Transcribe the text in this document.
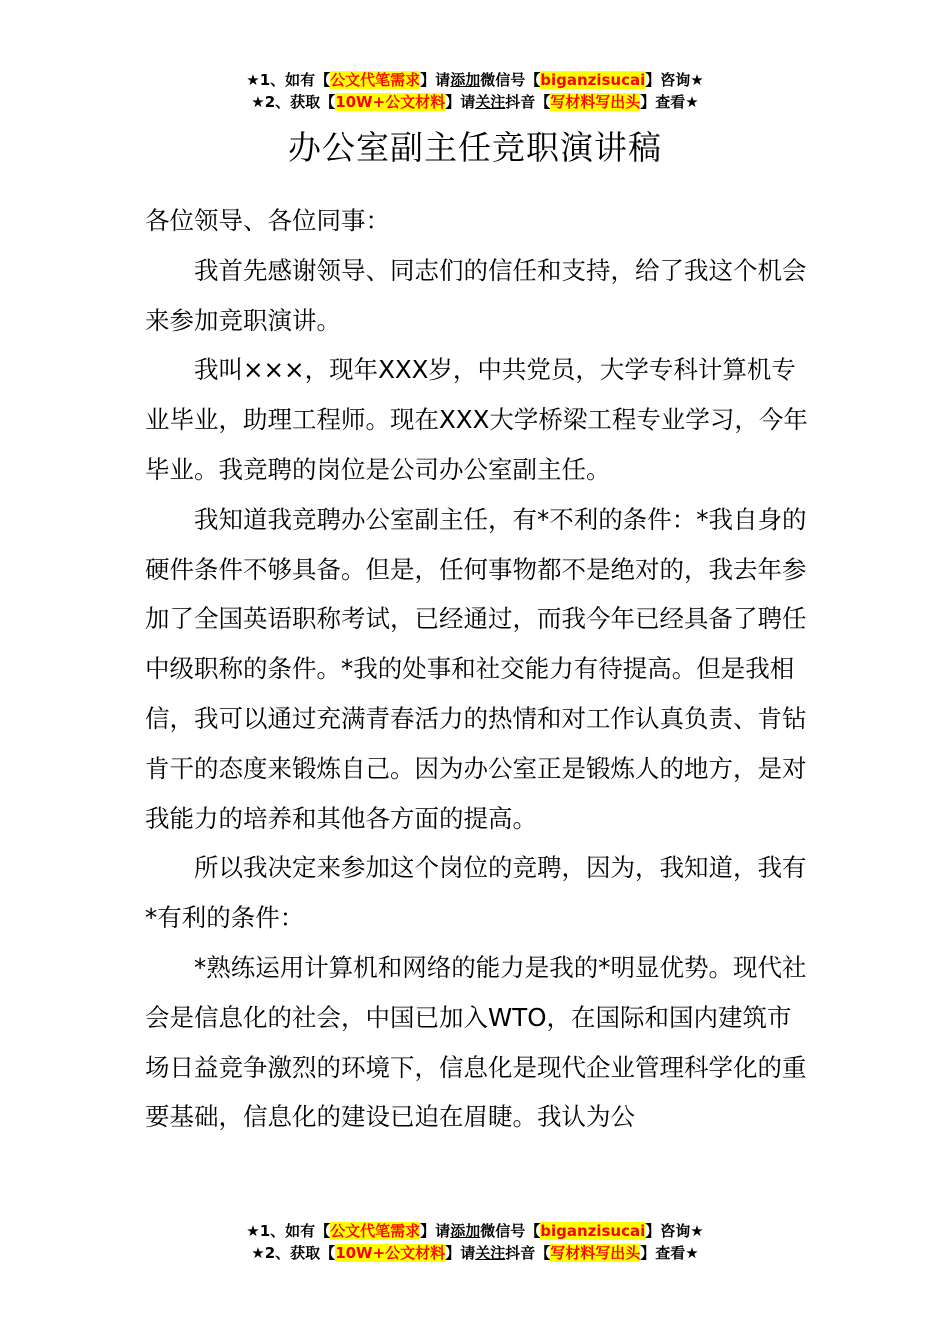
★1、如有【公文代笔需求】请添加微信号【biganzisucai】咨询★
★2、获取【10W+公文材料】请关注抖音【写材料写出头】查看★
办公室副主任竞职演讲稿

各位领导、各位同事：

我首先感谢领导、同志们的信任和支持，给了我这个机会来参加竞职演讲。

我叫×××，现年XXX岁，中共党员，大学专科计算机专业毕业，助理工程师。现在XXX大学桥梁工程专业学习，今年毕业。我竞聘的岗位是公司办公室副主任。

我知道我竞聘办公室副主任，有*不利的条件：*我自身的硬件条件不够具备。但是，任何事物都不是绝对的，我去年参加了全国英语职称考试，已经通过，而我今年已经具备了聘任中级职称的条件。*我的处事和社交能力有待提高。但是我相信，我可以通过充满青春活力的热情和对工作认真负责、肯钻肯干的态度来锻炼自己。因为办公室正是锻炼人的地方，是对我能力的培养和其他各方面的提高。

所以我决定来参加这个岗位的竞聘，因为，我知道，我有*有利的条件：

*熟练运用计算机和网络的能力是我的*明显优势。现代社会是信息化的社会，中国已加入WTO，在国际和国内建筑市场日益竞争激烈的环境下，信息化是现代企业管理科学化的重要基础，信息化的建设已迫在眉睫。我认为公

★1、如有【公文代笔需求】请添加微信号【biganzisucai】咨询★
★2、获取【10W+公文材料】请关注抖音【写材料写出头】查看★
